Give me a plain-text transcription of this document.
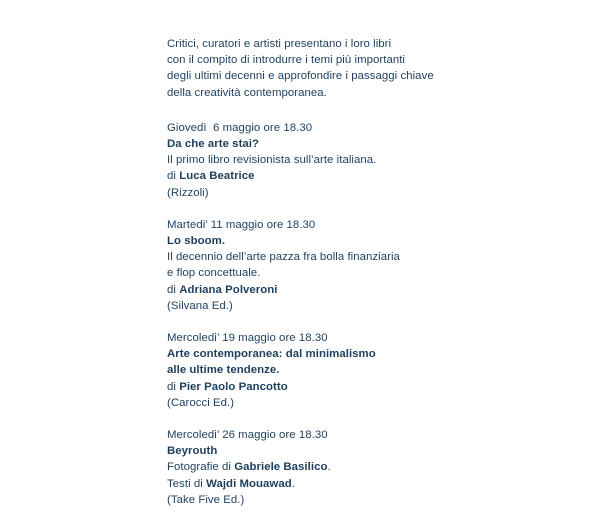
Critici, curatori e artisti presentano i loro libri
con il compito di introdurre i temi più importanti
degli ultimi decenni e approfondire i passaggi chiave
della creatività contemporanea.
Giovedì  6 maggio ore 18.30
Da che arte stai?
Il primo libro revisionista sull’arte italiana.
di Luca Beatrice
(Rizzoli)
Martedi’ 11 maggio ore 18.30
Lo sboom.
Il decennio dell’arte pazza fra bolla finanziaria
e flop concettuale.
di Adriana Polveroni
(Silvana Ed.)
Mercoledi’ 19 maggio ore 18.30
Arte contemporanea: dal minimalismo
alle ultime tendenze.
di Pier Paolo Pancotto
(Carocci Ed.)
Mercoledi’ 26 maggio ore 18.30
Beyrouth
Fotografie di Gabriele Basilico.
Testi di Wajdi Mouawad.
(Take Five Ed.)
